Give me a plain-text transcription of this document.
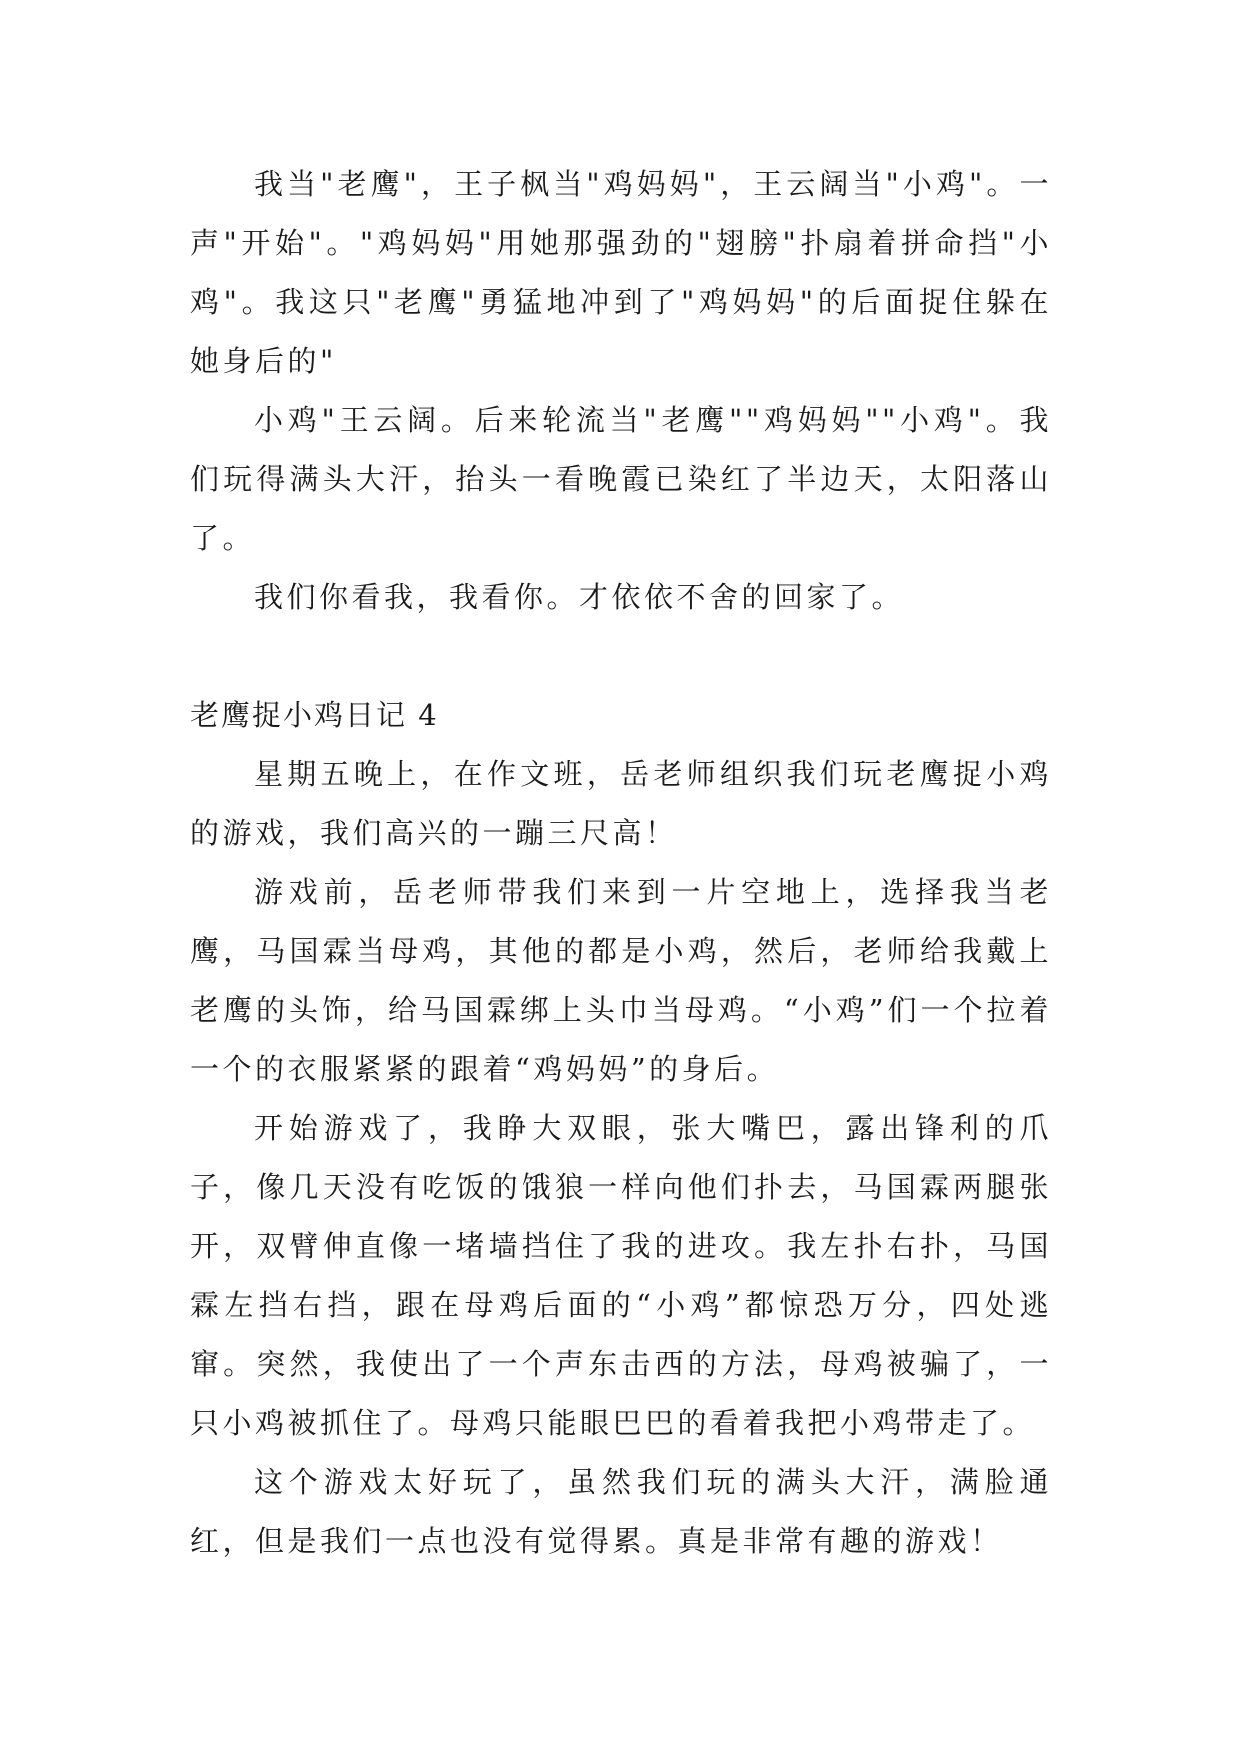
我当"老鹰"，王子枫当"鸡妈妈"，王云阔当"小鸡"。一声"开始"。"鸡妈妈"用她那强劲的"翅膀"扑扇着拼命挡"小鸡"。我这只"老鹰"勇猛地冲到了"鸡妈妈"的后面捉住躲在她身后的"

小鸡"王云阔。后来轮流当"老鹰""鸡妈妈""小鸡"。我们玩得满头大汗，抬头一看晚霞已染红了半边天，太阳落山了。

我们你看我，我看你。才依依不舍的回家了。

老鹰捉小鸡日记 4

星期五晚上，在作文班，岳老师组织我们玩老鹰捉小鸡的游戏，我们高兴的一蹦三尺高！

游戏前，岳老师带我们来到一片空地上，选择我当老鹰，马国霖当母鸡，其他的都是小鸡，然后，老师给我戴上老鹰的头饰，给马国霖绑上头巾当母鸡。“小鸡”们一个拉着一个的衣服紧紧的跟着“鸡妈妈”的身后。

开始游戏了，我睁大双眼，张大嘴巴，露出锋利的爪子，像几天没有吃饭的饿狼一样向他们扑去，马国霖两腿张开，双臂伸直像一堵墙挡住了我的进攻。我左扑右扑，马国霖左挡右挡，跟在母鸡后面的“小鸡”都惊恐万分，四处逃窜。突然，我使出了一个声东击西的方法，母鸡被骗了，一只小鸡被抓住了。母鸡只能眼巴巴的看着我把小鸡带走了。

这个游戏太好玩了，虽然我们玩的满头大汗，满脸通红，但是我们一点也没有觉得累。真是非常有趣的游戏！
